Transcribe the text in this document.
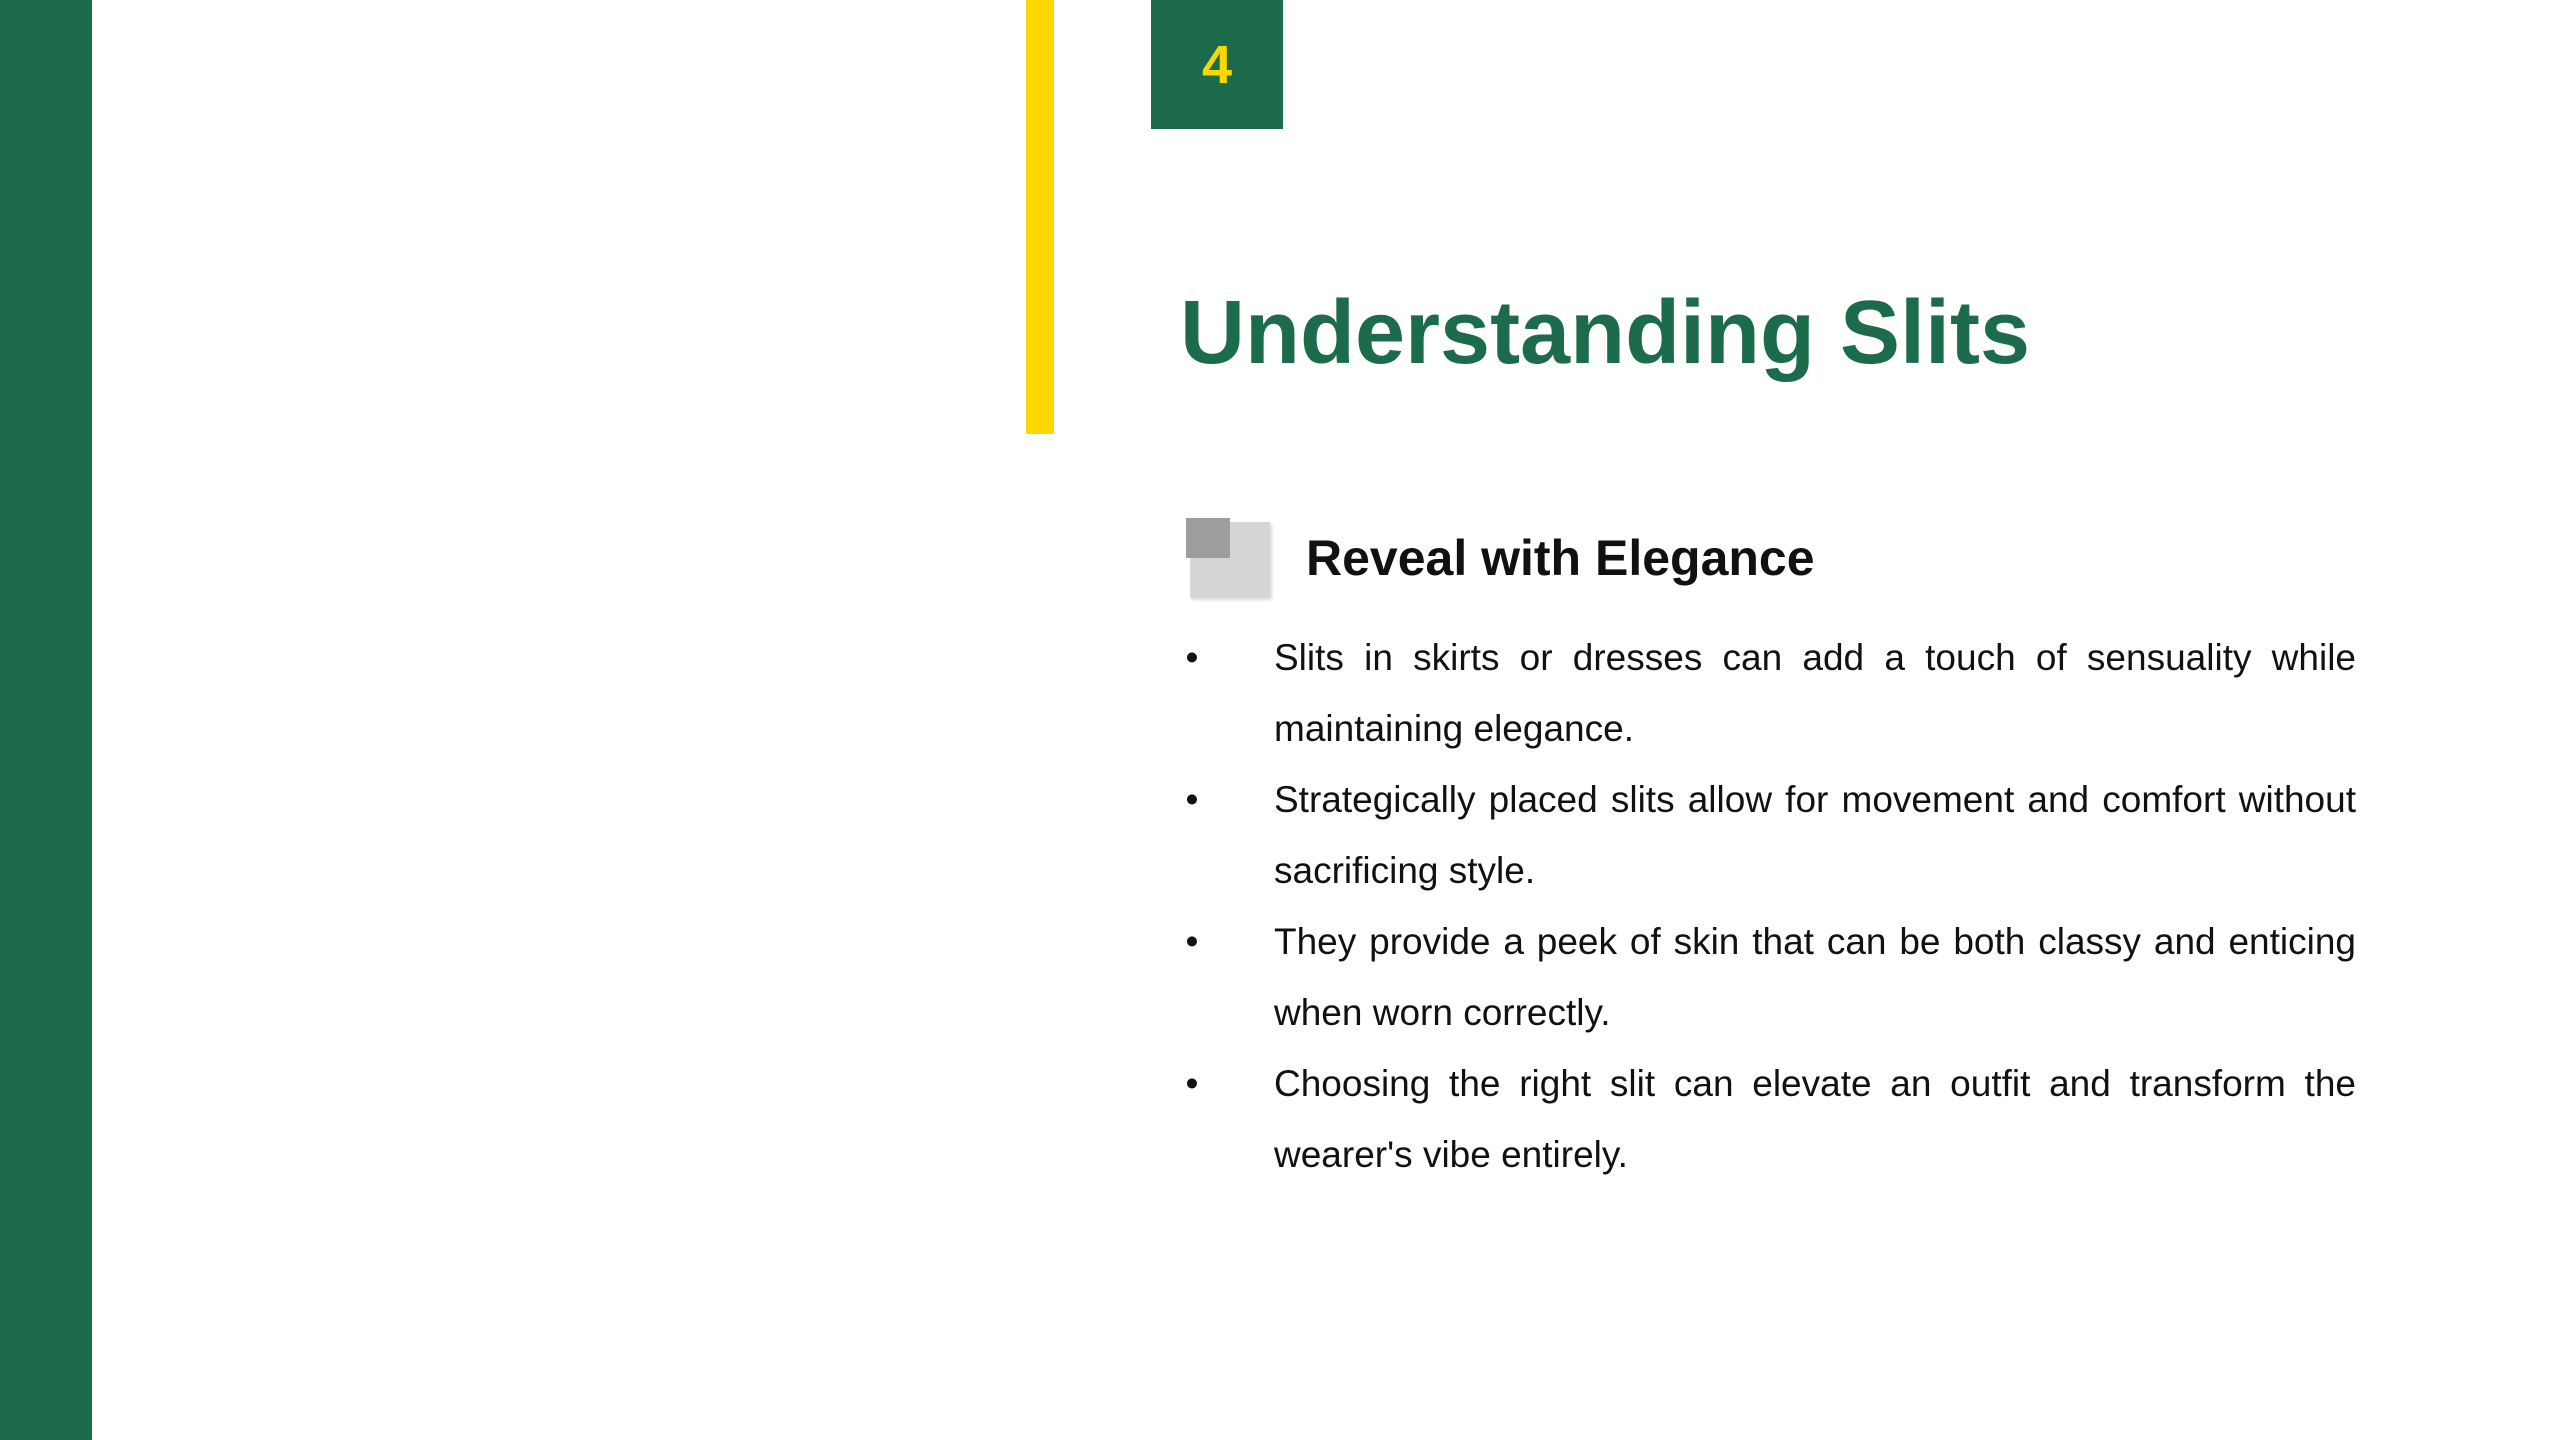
4
Understanding Slits
Reveal with Elegance
• Slits in skirts or dresses can add a touch of sensuality while maintaining elegance.
• Strategically placed slits allow for movement and comfort without sacrificing style.
• They provide a peek of skin that can be both classy and enticing when worn correctly.
• Choosing the right slit can elevate an outfit and transform the wearer's vibe entirely.
